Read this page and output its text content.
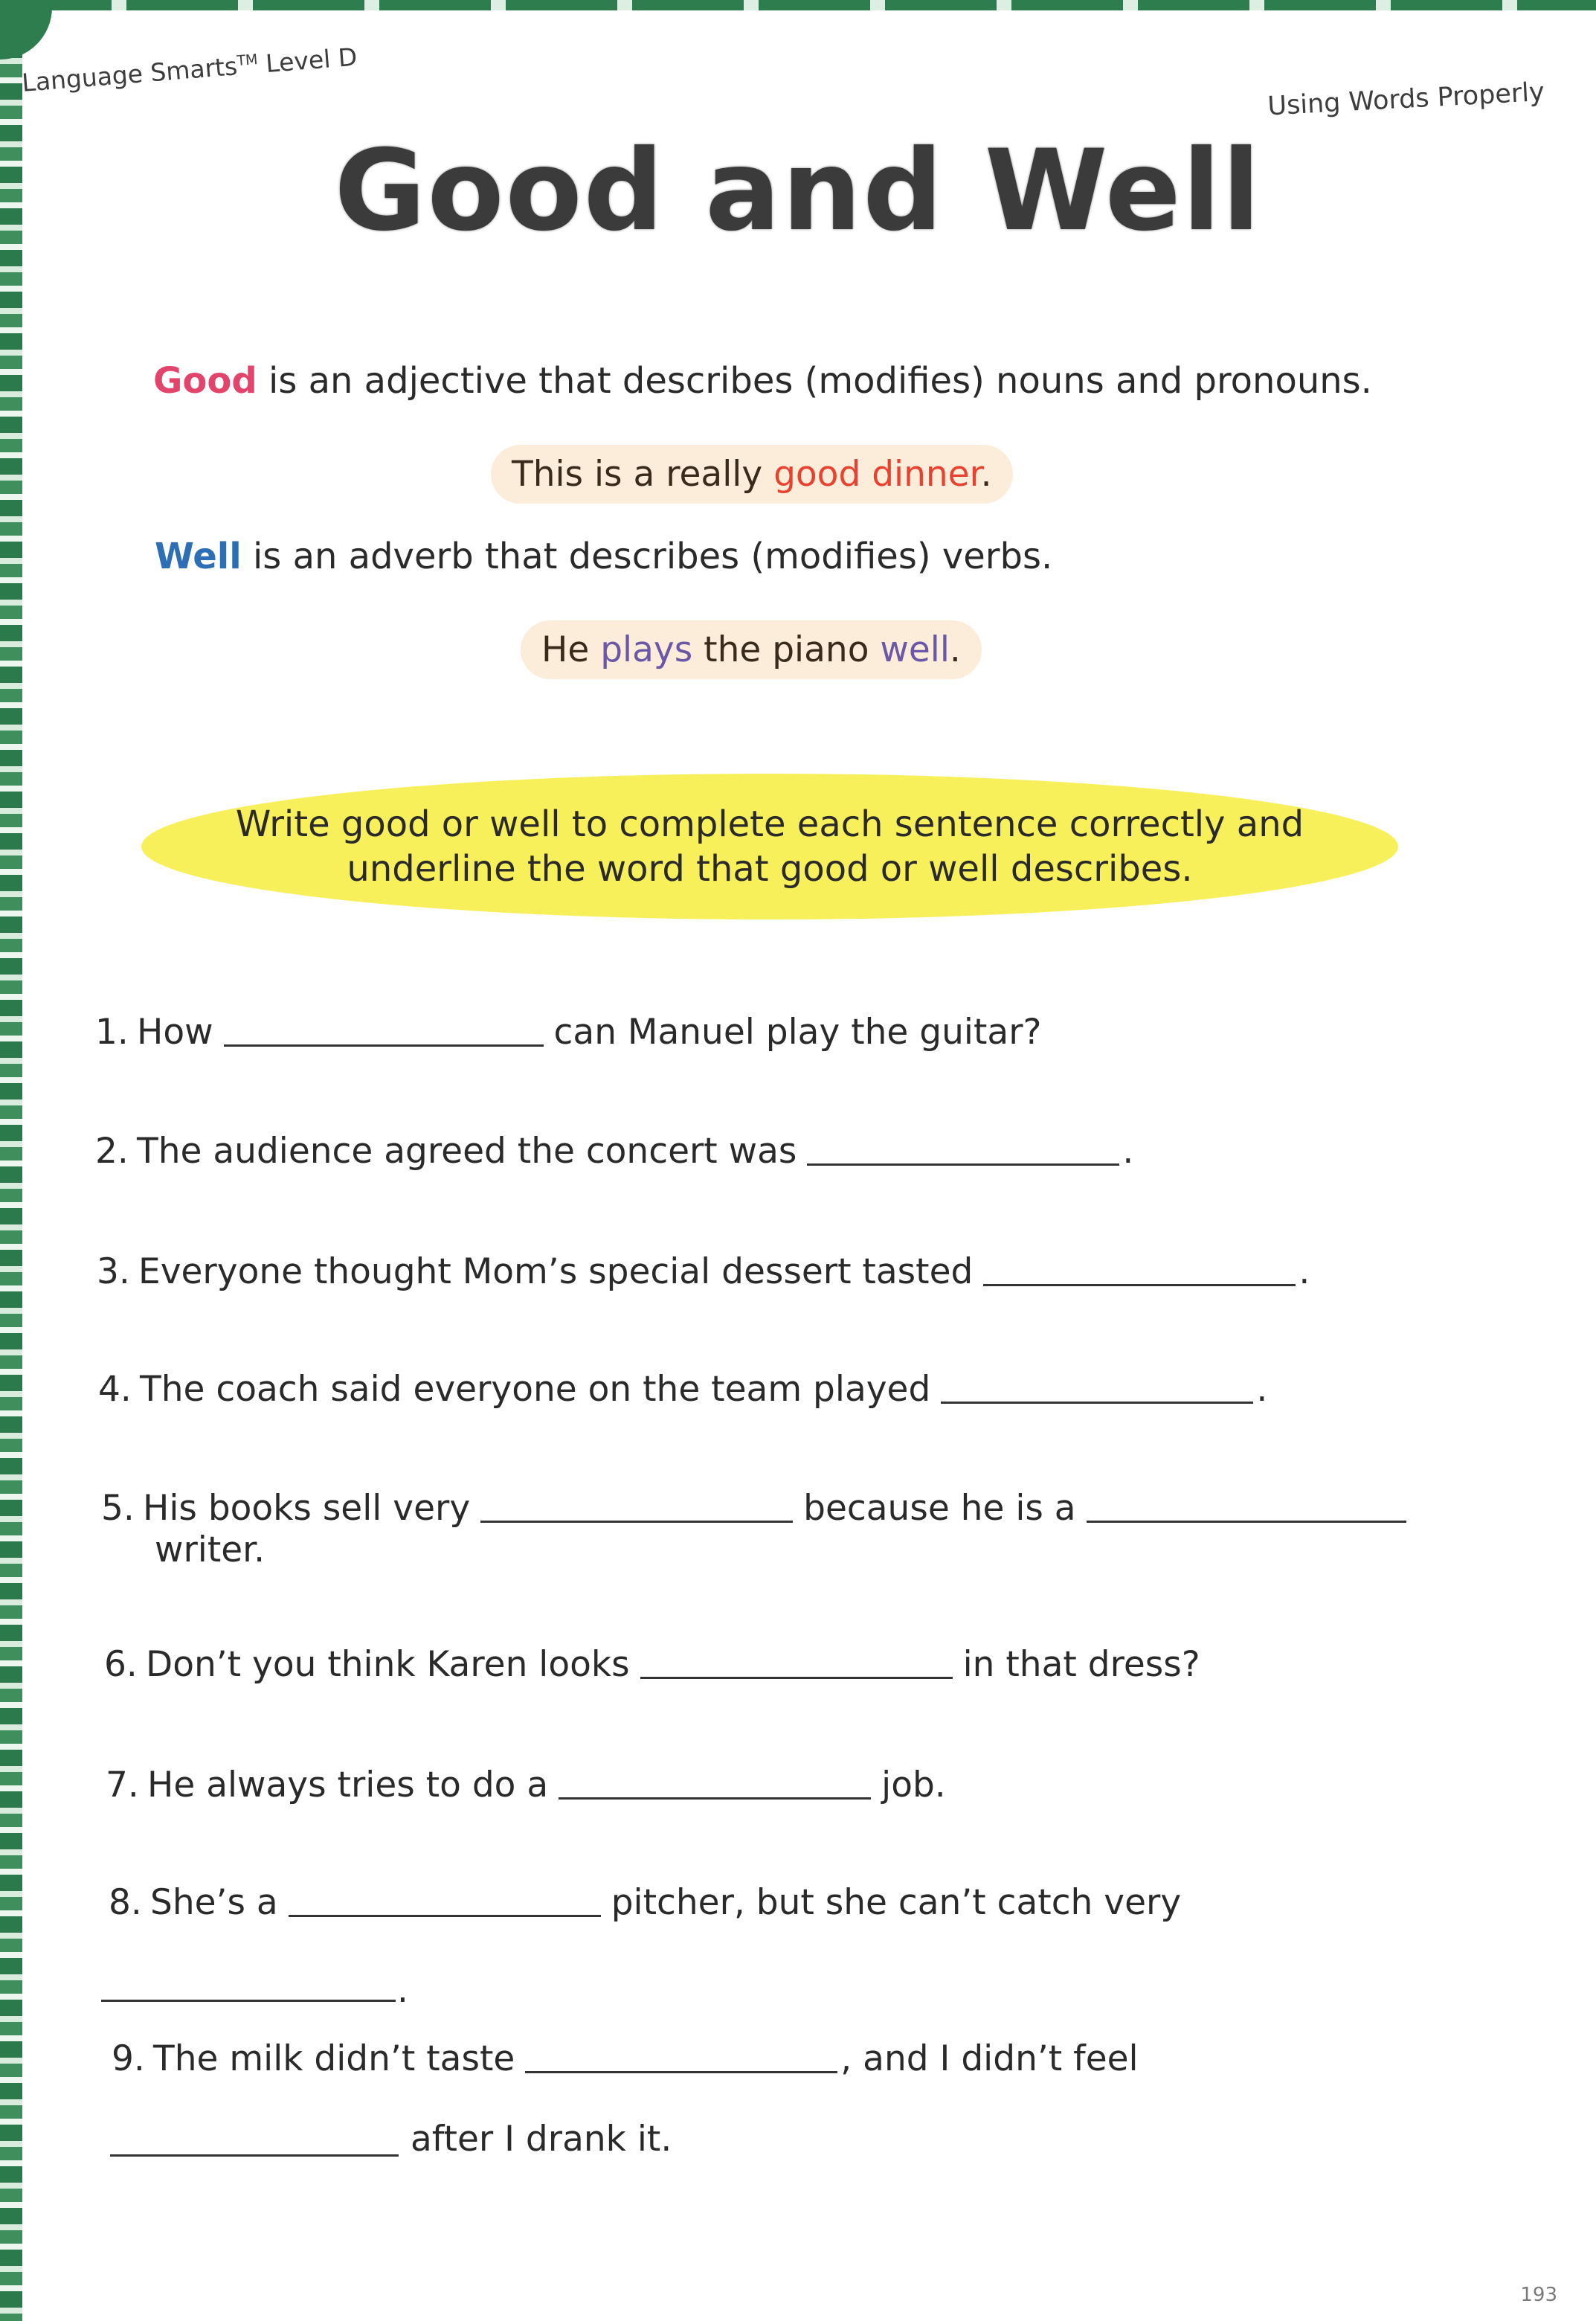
Language Smarts™ Level D
Using Words Properly
Good and Well
Good is an adjective that describes (modifies) nouns and pronouns.
This is a really good dinner.
Well is an adverb that describes (modifies) verbs.
He plays the piano well.
Write good or well to complete each sentence correctly and
underline the word that good or well describes.
1. How	can Manuel play the guitar?
2. The audience agreed the concert was	.
3. Everyone thought Mom’s special dessert tasted	.
4. The coach said everyone on the team played	.
5. His books sell very	because he is a
writer.
6. Don’t you think Karen looks	in that dress?
7. He always tries to do a	job.
8. She’s a	pitcher, but she can’t catch very
.
9. The milk didn’t taste	, and I didn’t feel
after I drank it.
193
